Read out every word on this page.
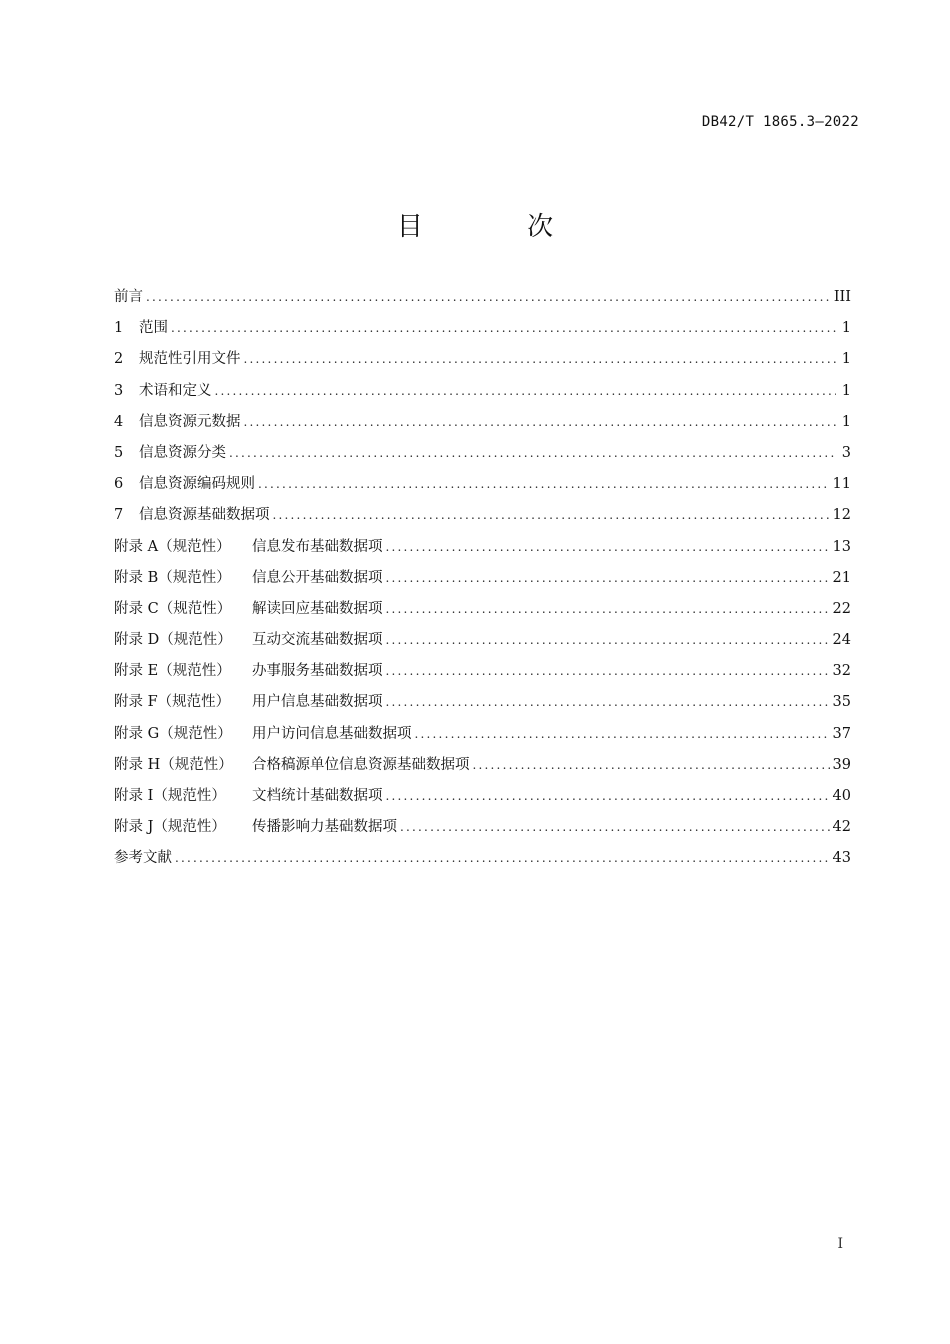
DB42/T 1865.3—2022
目 次
前言 .....	III
1	范围 .....	1
2	规范性引用文件 .....	1
3	术语和定义 .....	1
4	信息资源元数据 .....	1
5	信息资源分类 .....	3
6	信息资源编码规则 .....	11
7	信息资源基础数据项 .....	12
附录 A（规范性）	信息发布基础数据项 .....	13
附录 B（规范性）	信息公开基础数据项 .....	21
附录 C（规范性）	解读回应基础数据项 .....	22
附录 D（规范性）	互动交流基础数据项 .....	24
附录 E（规范性）	办事服务基础数据项 .....	32
附录 F（规范性）	用户信息基础数据项 .....	35
附录 G（规范性）	用户访问信息基础数据项 .....	37
附录 H（规范性）	合格稿源单位信息资源基础数据项 .....	39
附录 I（规范性）	文档统计基础数据项 .....	40
附录 J（规范性）	传播影响力基础数据项 .....	42
参考文献 .....	43
I
